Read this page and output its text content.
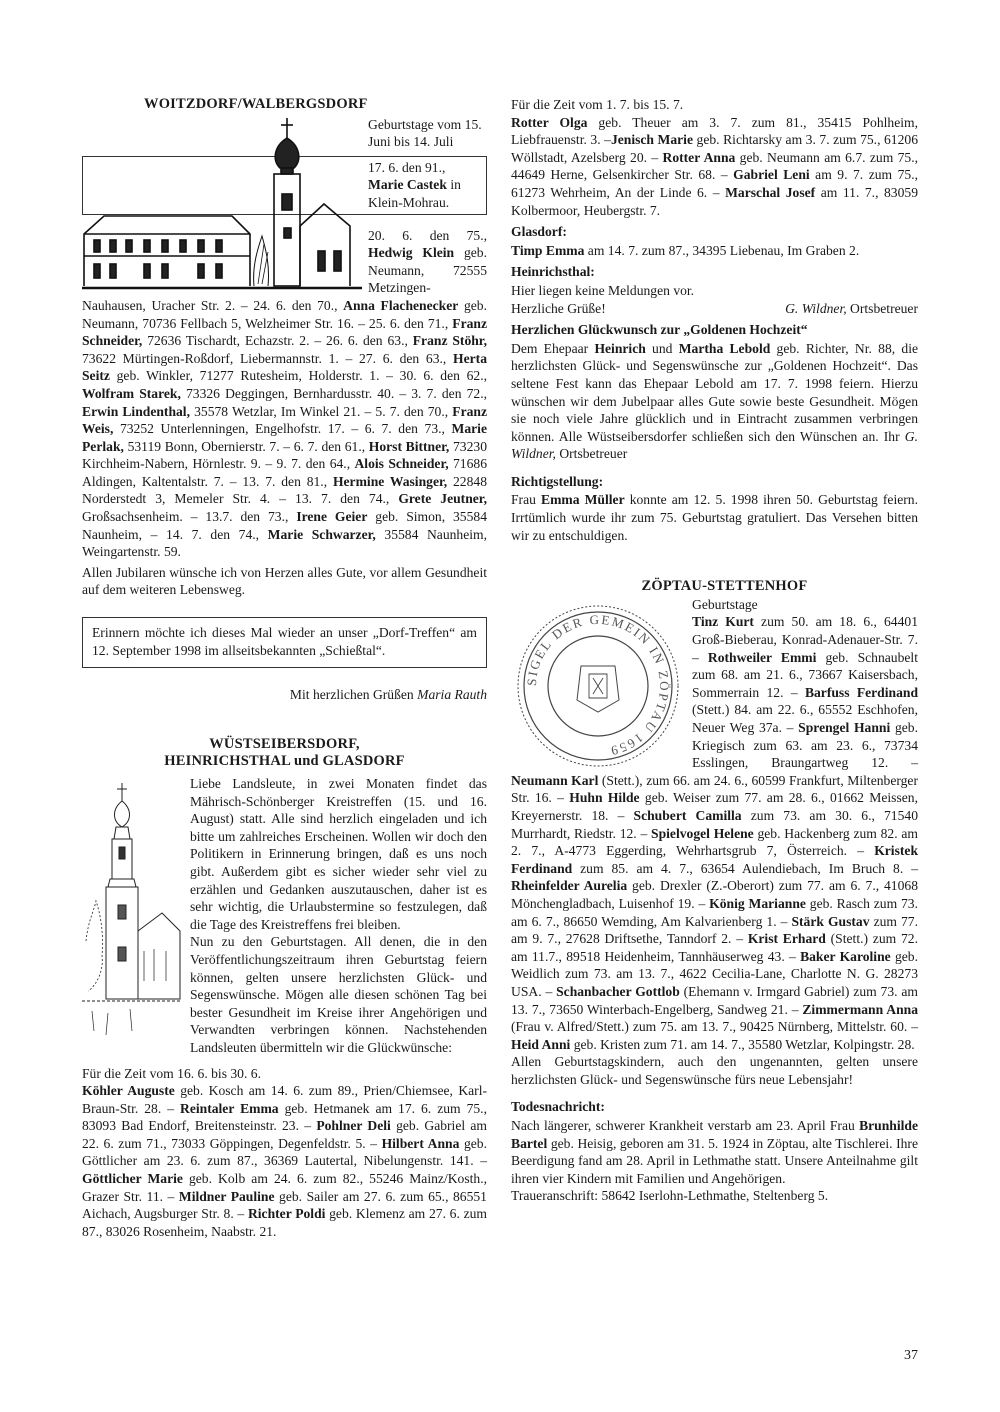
WOITZDORF/WALBERGSDORF

Geburtstage vom 15. Juni bis 14. Juli

17. 6. den 91., Marie Castek in Klein-Mohrau.

20. 6. den 75., Hedwig Klein geb. Neumann, 72555 Metzingen-Nauhausen, Uracher Str. 2. – 24. 6. den 70., Anna Flachenecker geb. Neumann, 70736 Fellbach 5, Welzheimer Str. 16. – 25. 6. den 71., Franz Schneider, 72636 Tischardt, Echazstr. 2. – 26. 6. den 63., Franz Stöhr, 73622 Mürtingen-Roßdorf, Liebermannstr. 1. – 27. 6. den 63., Herta Seitz geb. Winkler, 71277 Rutesheim, Holderstr. 1. – 30. 6. den 62., Wolfram Starek, 73326 Deggingen, Bernhardusstr. 40. – 3. 7. den 72., Erwin Lindenthal, 35578 Wetzlar, Im Winkel 21. – 5. 7. den 70., Franz Weis, 73252 Unterlenningen, Engelhofstr. 17. – 6. 7. den 73., Marie Perlak, 53119 Bonn, Obernierstr. 7. – 6. 7. den 61., Horst Bittner, 73230 Kirchheim-Nabern, Hörnlestr. 9. – 9. 7. den 64., Alois Schneider, 71686 Aldingen, Kaltentalstr. 7. – 13. 7. den 81., Hermine Wasinger, 22848 Norderstedt 3, Memeler Str. 4. – 13. 7. den 74., Grete Jeutner, Großsachsenheim. – 13.7. den 73., Irene Geier geb. Simon, 35584 Naunheim, – 14. 7. den 74., Marie Schwarzer, 35584 Naunheim, Weingartenstr. 59.

Allen Jubilaren wünsche ich von Herzen alles Gute, vor allem Gesundheit auf dem weiteren Lebensweg.

Erinnern möchte ich dieses Mal wieder an unser „Dorf-Treffen“ am 12. September 1998 im allseitsbekannten „Schießtal“.

Mit herzlichen Grüßen Maria Rauth

WÜSTSEIBERSDORF, HEINRICHSTHAL und GLASDORF

Liebe Landsleute, in zwei Monaten findet das Mährisch-Schönberger Kreistreffen (15. und 16. August) statt. Alle sind herzlich eingeladen und ich bitte um zahlreiches Erscheinen. Wollen wir doch den Politikern in Erinnerung bringen, daß es uns noch gibt. Außerdem gibt es sicher wieder sehr viel zu erzählen und Gedanken auszutauschen, daher ist es sehr wichtig, die Urlaubstermine so festzulegen, daß die Tage des Kreistreffens frei bleiben.

Nun zu den Geburtstagen. All denen, die in den Veröffentlichungszeitraum ihren Geburtstag feiern können, gelten unsere herzlichsten Glück- und Segenswünsche. Mögen alle diesen schönen Tag bei bester Gesundheit im Kreise ihrer Angehörigen und Verwandten verbringen können. Nachstehenden Landsleuten übermitteln wir die Glückwünsche:

Für die Zeit vom 16. 6. bis 30. 6.

Köhler Auguste geb. Kosch am 14. 6. zum 89., Prien/Chiemsee, Karl-Braun-Str. 28. – Reintaler Emma geb. Hetmanek am 17. 6. zum 75., 83093 Bad Endorf, Breitensteinstr. 23. – Pohlner Deli geb. Gabriel am 22. 6. zum 71., 73033 Göppingen, Degenfeldstr. 5. – Hilbert Anna geb. Göttlicher am 23. 6. zum 87., 36369 Lautertal, Nibelungenstr. 141. – Göttlicher Marie geb. Kolb am 24. 6. zum 82., 55246 Mainz/Kosth., Grazer Str. 11. – Mildner Pauline geb. Sailer am 27. 6. zum 65., 86551 Aichach, Augsburger Str. 8. – Richter Poldi geb. Klemenz am 27. 6. zum 87., 83026 Rosenheim, Naabstr. 21.

Für die Zeit vom 1. 7. bis 15. 7.

Rotter Olga geb. Theuer am 3. 7. zum 81., 35415 Pohlheim, Liebfrauenstr. 3. –Jenisch Marie geb. Richtarsky am 3. 7. zum 75., 61206 Wöllstadt, Azelsberg 20. – Rotter Anna geb. Neumann am 6.7. zum 75., 44649 Herne, Gelsenkircher Str. 68. – Gabriel Leni am 9. 7. zum 75., 61273 Wehrheim, An der Linde 6. – Marschal Josef am 11. 7., 83059 Kolbermoor, Heubergstr. 7.

Glasdorf:

Timp Emma am 14. 7. zum 87., 34395 Liebenau, Im Graben 2.

Heinrichsthal:

Hier liegen keine Meldungen vor.

Herzliche Grüße!	G. Wildner, Ortsbetreuer

Herzlichen Glückwunsch zur „Goldenen Hochzeit“

Dem Ehepaar Heinrich und Martha Lebold geb. Richter, Nr. 88, die herzlichsten Glück- und Segenswünsche zur „Goldenen Hochzeit“. Das seltene Fest kann das Ehepaar Lebold am 17. 7. 1998 feiern. Hierzu wünschen wir dem Jubelpaar alles Gute sowie beste Gesundheit. Mögen sie noch viele Jahre glücklich und in Eintracht zusammen verbringen können. Alle Wüstseibersdorfer schließen sich den Wünschen an. Ihr G. Wildner, Ortsbetreuer

Richtigstellung:

Frau Emma Müller konnte am 12. 5. 1998 ihren 50. Geburtstag feiern. Irrtümlich wurde ihr zum 75. Geburtstag gratuliert. Das Versehen bitten wir zu entschuldigen.

ZÖPTAU-STETTENHOF
SIGEL DER GEMEIN IN ZÖPTAU 1659

Geburtstage

Tinz Kurt zum 50. am 18. 6., 64401 Groß-Bieberau, Konrad-Adenauer-Str. 7. – Rothweiler Emmi geb. Schnaubelt zum 68. am 21. 6., 73667 Kaisersbach, Sommerrain 12. – Barfuss Ferdinand (Stett.) 84. am 22. 6., 65552 Eschhofen, Neuer Weg 37a. – Sprengel Hanni geb. Kriegisch zum 63. am 23. 6., 73734 Esslingen, Braungartweg 12. – Neumann Karl (Stett.), zum 66. am 24. 6., 60599 Frankfurt, Miltenberger Str. 16. – Huhn Hilde geb. Weiser zum 77. am 28. 6., 01662 Meissen, Kreyernerstr. 18. – Schubert Camilla zum 73. am 30. 6., 71540 Murrhardt, Riedstr. 12. – Spielvogel Helene geb. Hackenberg zum 82. am 2. 7., A-4773 Eggerding, Wehrhartsgrub 7, Österreich. – Kristek Ferdinand zum 85. am 4. 7., 63654 Aulendiebach, Im Bruch 8. – Rheinfelder Aurelia geb. Drexler (Z.-Oberort) zum 77. am 6. 7., 41068 Mönchengladbach, Luisenhof 19. – König Marianne geb. Rasch zum 73. am 6. 7., 86650 Wemding, Am Kalvarienberg 1. – Stärk Gustav zum 77. am 9. 7., 27628 Driftsethe, Tanndorf 2. – Krist Erhard (Stett.) zum 72. am 11.7., 89518 Heidenheim, Tannhäuserweg 43. – Baker Karoline geb. Weidlich zum 73. am 13. 7., 4622 Cecilia-Lane, Charlotte N. G. 28273 USA. – Schanbacher Gottlob (Ehemann v. Irmgard Gabriel) zum 73. am 13. 7., 73650 Winterbach-Engelberg, Sandweg 21. – Zimmermann Anna (Frau v. Alfred/Stett.) zum 75. am 13. 7., 90425 Nürnberg, Mittelstr. 60. – Heid Anni geb. Kristen zum 71. am 14. 7., 35580 Wetzlar, Kolpingstr. 28.

Allen Geburtstagskindern, auch den ungenannten, gelten unsere herzlichsten Glück- und Segenswünsche fürs neue Lebensjahr!

Todesnachricht:

Nach längerer, schwerer Krankheit verstarb am 23. April Frau Brunhilde Bartel geb. Heisig, geboren am 31. 5. 1924 in Zöptau, alte Tischlerei. Ihre Beerdigung fand am 28. April in Lethmathe statt. Unsere Anteilnahme gilt ihren vier Kindern mit Familien und Angehörigen.

Traueranschrift: 58642 Iserlohn-Lethmathe, Steltenberg 5.

37
